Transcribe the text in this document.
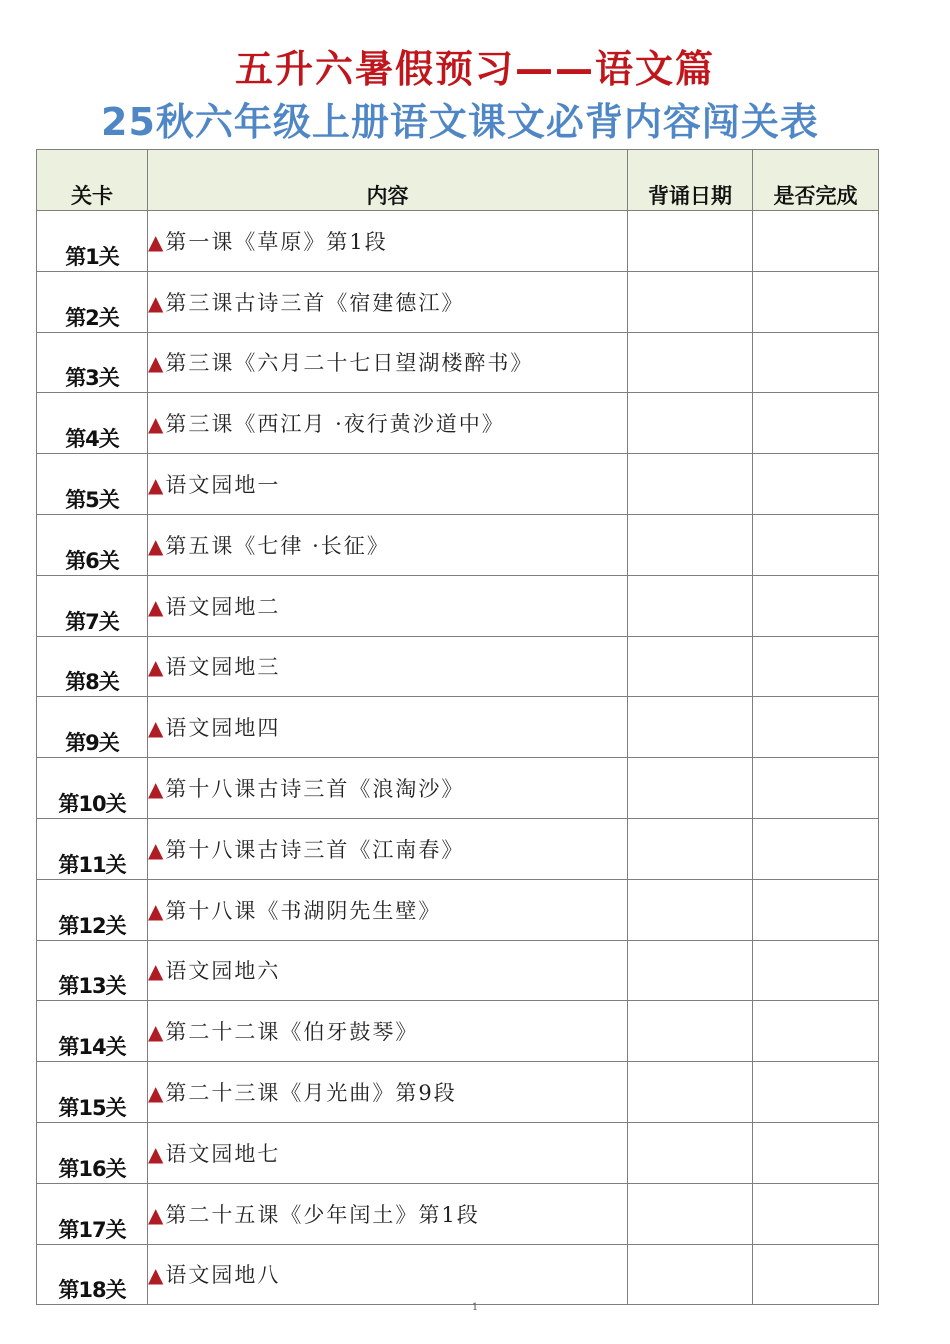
五升六暑假预习——语文篇
25秋六年级上册语文课文必背内容闯关表
关卡	内容	背诵日期	是否完成
第1关	▲第一课《草原》第1段		
第2关	▲第三课古诗三首《宿建德江》		
第3关	▲第三课《六月二十七日望湖楼醉书》		
第4关	▲第三课《西江月 ·夜行黄沙道中》		
第5关	▲语文园地一		
第6关	▲第五课《七律 ·长征》		
第7关	▲语文园地二		
第8关	▲语文园地三		
第9关	▲语文园地四		
第10关	▲第十八课古诗三首《浪淘沙》		
第11关	▲第十八课古诗三首《江南春》		
第12关	▲第十八课《书湖阴先生壁》		
第13关	▲语文园地六		
第14关	▲第二十二课《伯牙鼓琴》		
第15关	▲第二十三课《月光曲》第9段		
第16关	▲语文园地七		
第17关	▲第二十五课《少年闰土》第1段		
第18关	▲语文园地八		
1
